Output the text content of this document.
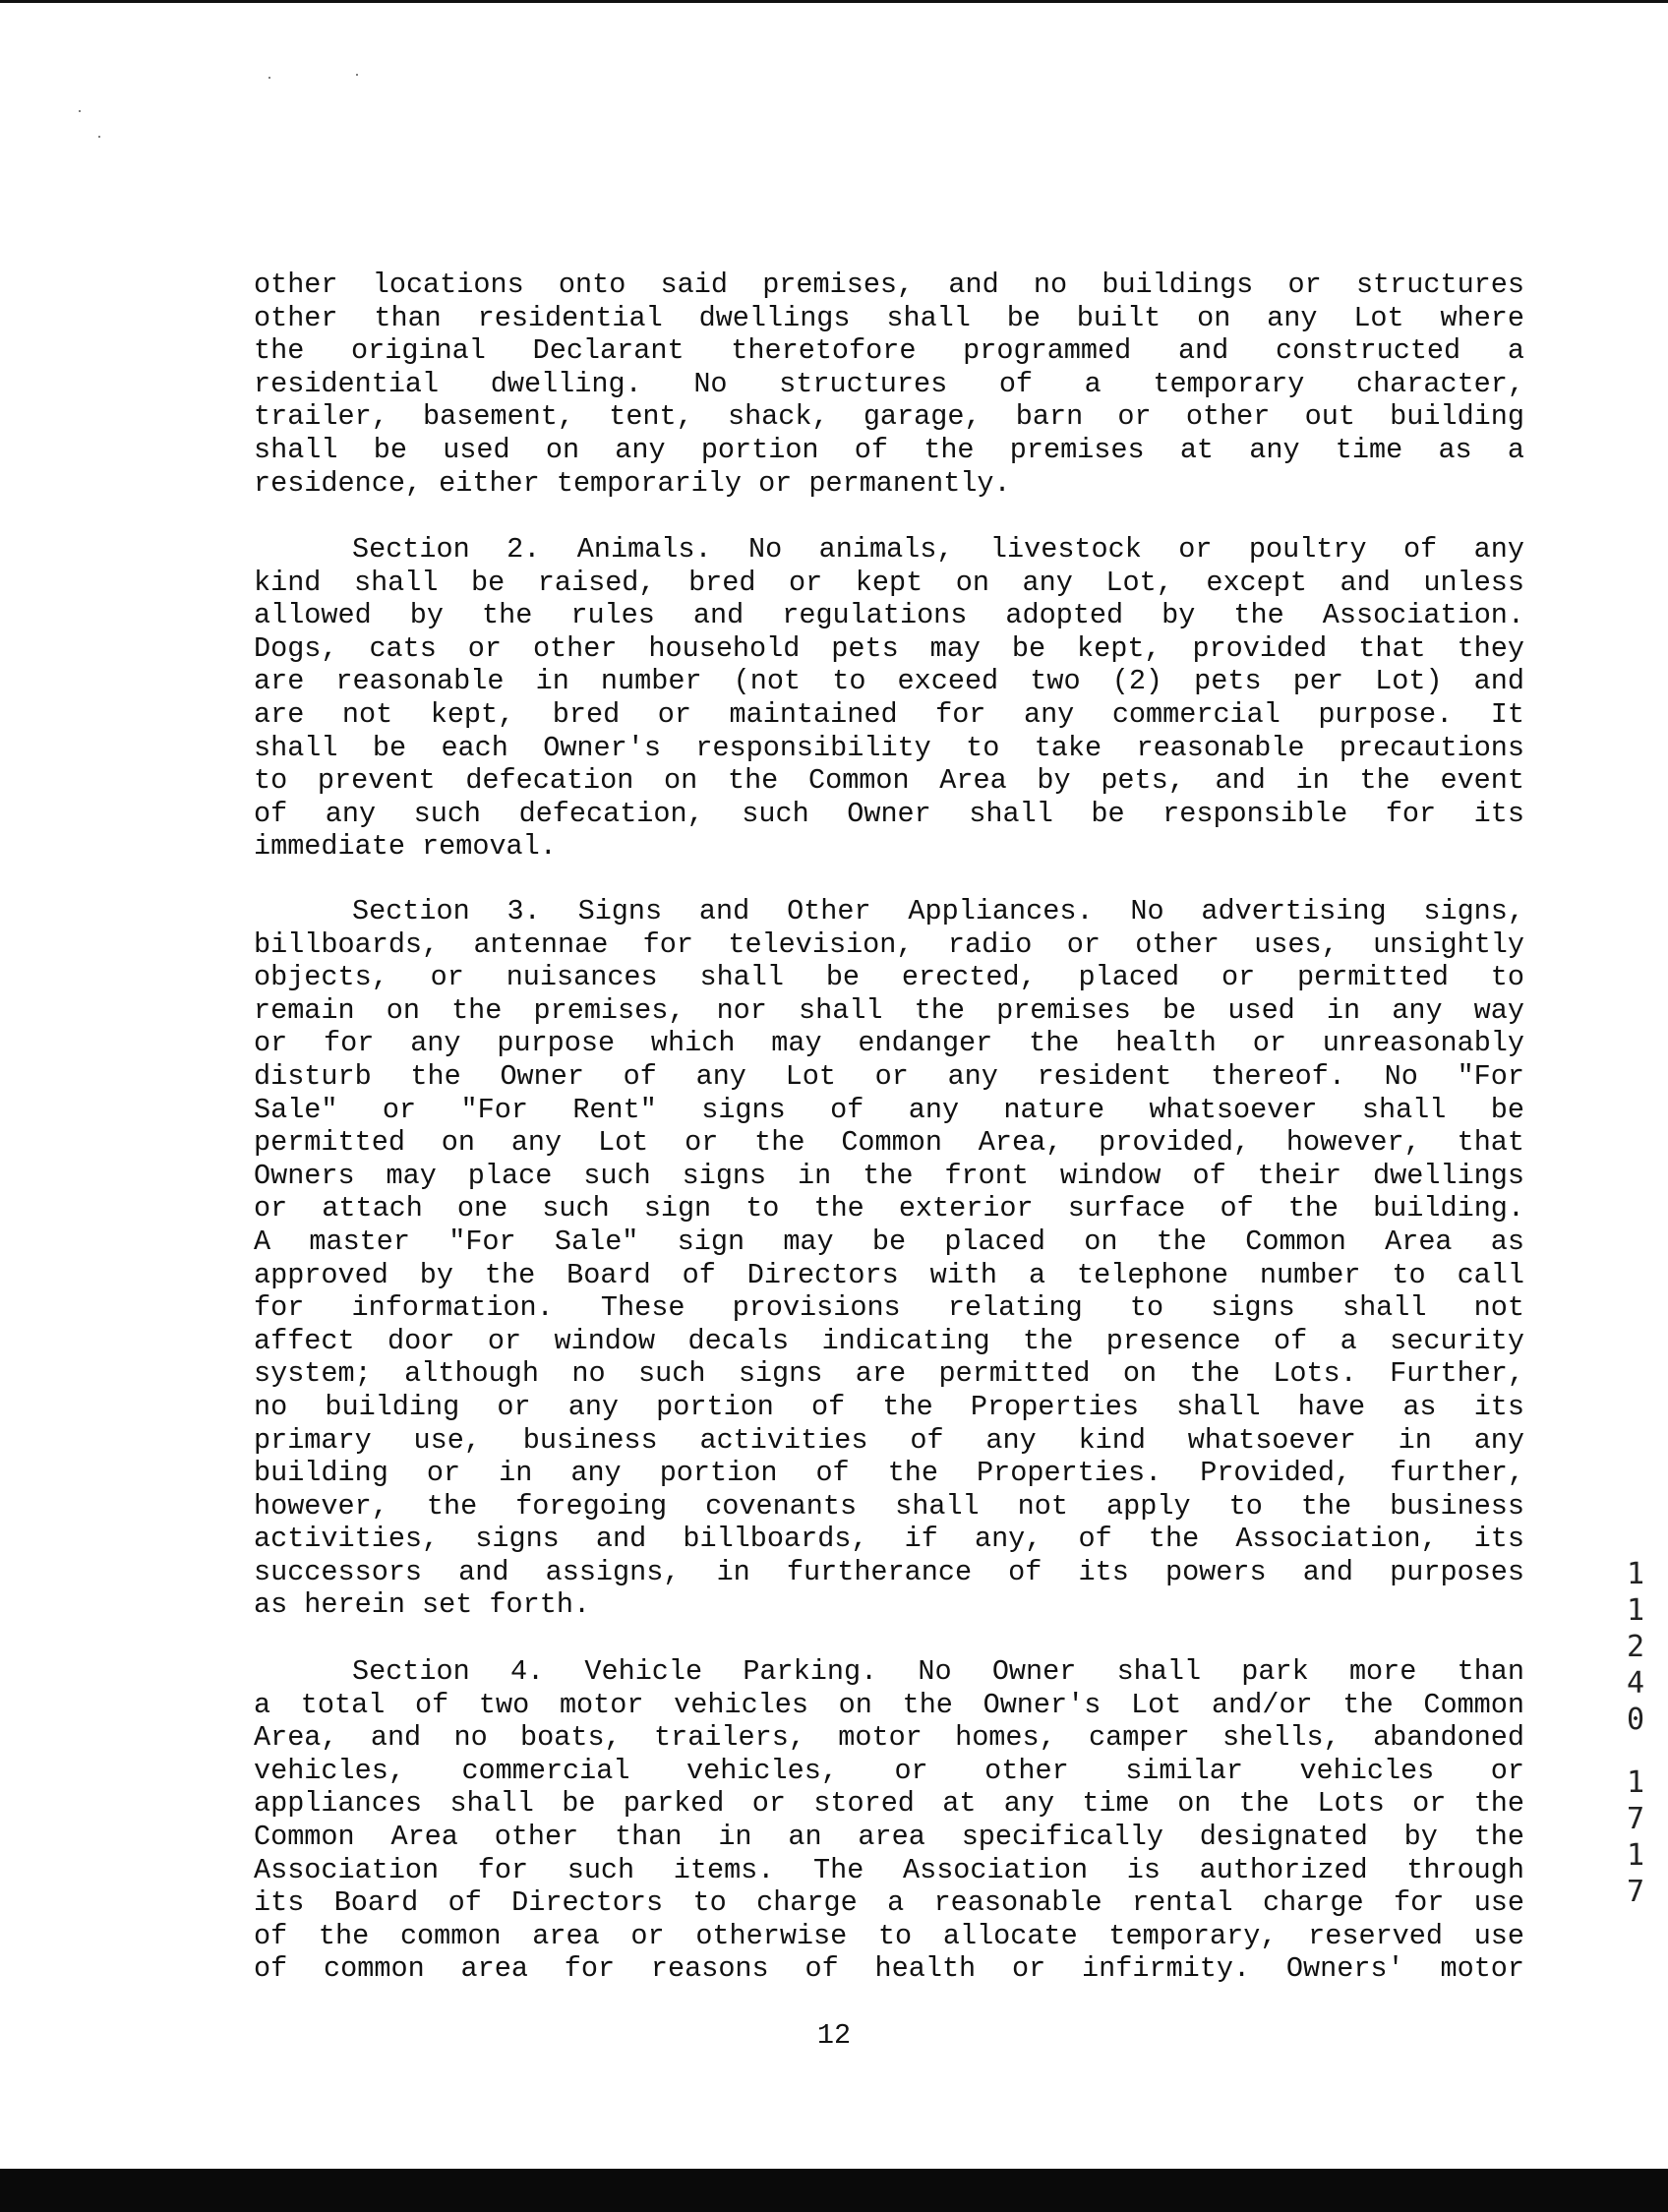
other locations onto said premises, and no buildings or structures
other than residential dwellings shall be built on any Lot where
the original Declarant theretofore programmed and constructed a
residential dwelling. No structures of a temporary character,
trailer, basement, tent, shack, garage, barn or other out building
shall be used on any portion of the premises at any time as a
residence, either temporarily or permanently.
Section 2. Animals. No animals, livestock or poultry of any
kind shall be raised, bred or kept on any Lot, except and unless
allowed by the rules and regulations adopted by the Association.
Dogs, cats or other household pets may be kept, provided that they
are reasonable in number (not to exceed two (2) pets per Lot) and
are not kept, bred or maintained for any commercial purpose. It
shall be each Owner's responsibility to take reasonable precautions
to prevent defecation on the Common Area by pets, and in the event
of any such defecation, such Owner shall be responsible for its
immediate removal.
Section 3. Signs and Other Appliances. No advertising signs,
billboards, antennae for television, radio or other uses, unsightly
objects, or nuisances shall be erected, placed or permitted to
remain on the premises, nor shall the premises be used in any way
or for any purpose which may endanger the health or unreasonably
disturb the Owner of any Lot or any resident thereof. No "For
Sale" or "For Rent" signs of any nature whatsoever shall be
permitted on any Lot or the Common Area, provided, however, that
Owners may place such signs in the front window of their dwellings
or attach one such sign to the exterior surface of the building.
A master "For Sale" sign may be placed on the Common Area as
approved by the Board of Directors with a telephone number to call
for information. These provisions relating to signs shall not
affect door or window decals indicating the presence of a security
system; although no such signs are permitted on the Lots. Further,
no building or any portion of the Properties shall have as its
primary use, business activities of any kind whatsoever in any
building or in any portion of the Properties. Provided, further,
however, the foregoing covenants shall not apply to the business
activities, signs and billboards, if any, of the Association, its
successors and assigns, in furtherance of its powers and purposes
as herein set forth.
Section 4. Vehicle Parking. No Owner shall park more than
a total of two motor vehicles on the Owner's Lot and/or the Common
Area, and no boats, trailers, motor homes, camper shells, abandoned
vehicles, commercial vehicles, or other similar vehicles or
appliances shall be parked or stored at any time on the Lots or the
Common Area other than in an area specifically designated by the
Association for such items. The Association is authorized through
its Board of Directors to charge a reasonable rental charge for use
of the common area or otherwise to allocate temporary, reserved use
of common area for reasons of health or infirmity. Owners' motor
12
1
1
2
4
0
1
7
1
7
